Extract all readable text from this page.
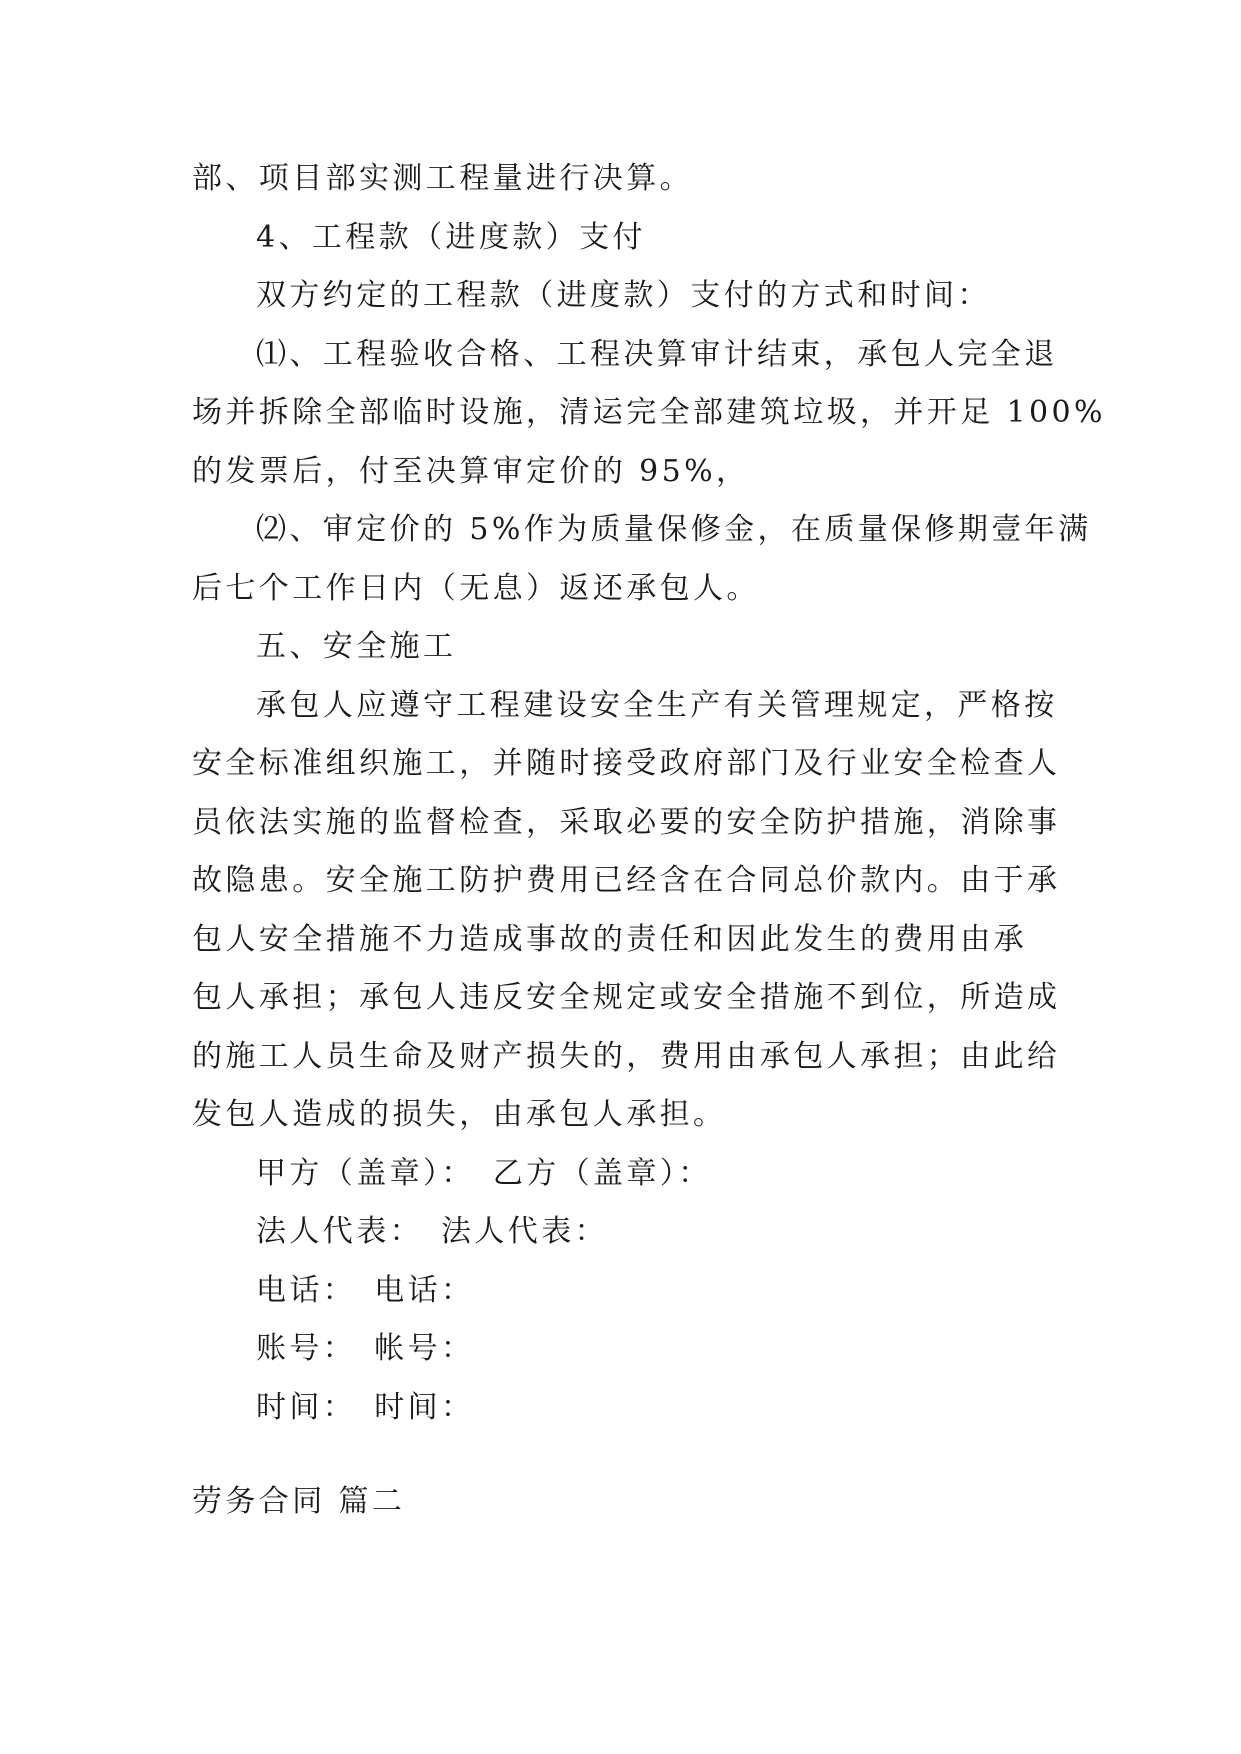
部、项目部实测工程量进行决算。
4、工程款（进度款）支付
双方约定的工程款（进度款）支付的方式和时间：
⑴、工程验收合格、工程决算审计结束，承包人完全退
场并拆除全部临时设施，清运完全部建筑垃圾，并开足 100%
的发票后，付至决算审定价的 95%，
⑵、审定价的 5%作为质量保修金，在质量保修期壹年满
后七个工作日内（无息）返还承包人。
五、安全施工
承包人应遵守工程建设安全生产有关管理规定，严格按
安全标准组织施工，并随时接受政府部门及行业安全检查人
员依法实施的监督检查，采取必要的安全防护措施，消除事
故隐患。安全施工防护费用已经含在合同总价款内。由于承
包人安全措施不力造成事故的责任和因此发生的费用由承
包人承担；承包人违反安全规定或安全措施不到位，所造成
的施工人员生命及财产损失的，费用由承包人承担；由此给
发包人造成的损失，由承包人承担。
甲方（盖章）： 乙方（盖章）：
法人代表： 法人代表：
电话： 电话：
账号： 帐号：
时间： 时间：
劳务合同 篇二
